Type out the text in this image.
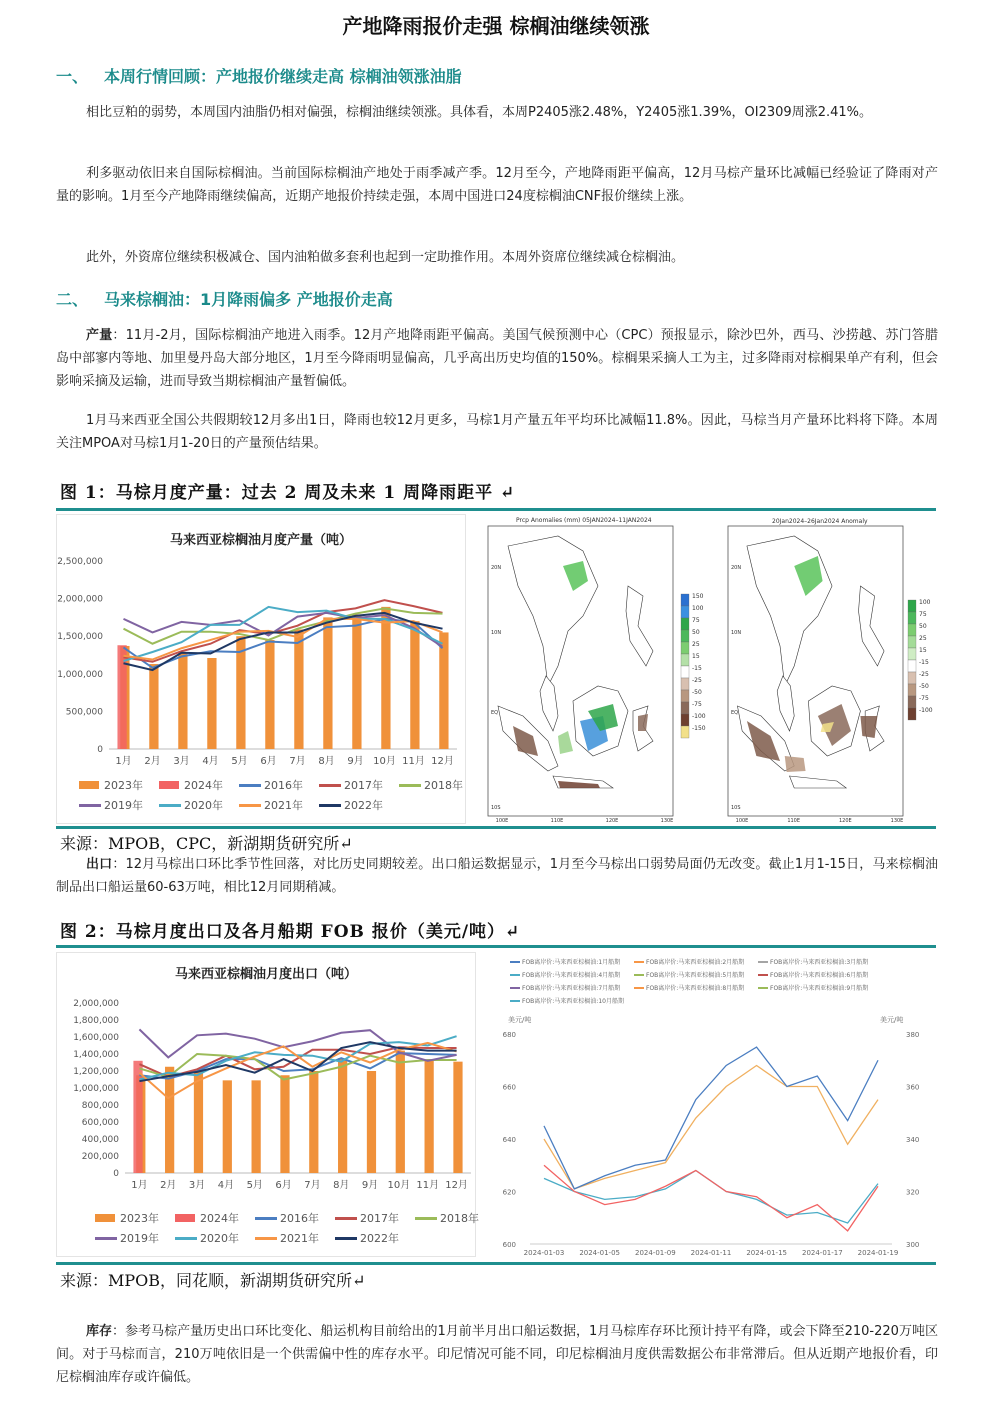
产地降雨报价走强 棕榈油继续领涨
一、 本周行情回顾：产地报价继续走高 棕榈油领涨油脂
相比豆粕的弱势，本周国内油脂仍相对偏强，棕榈油继续领涨。具体看，本周P2405涨2.48%，Y2405涨1.39%，OI2309周涨2.41%。
利多驱动依旧来自国际棕榈油。当前国际棕榈油产地处于雨季减产季。12月至今，产地降雨距平偏高，12月马棕产量环比减幅已经验证了降雨对产量的影响。1月至今产地降雨继续偏高，近期产地报价持续走强，本周中国进口24度棕榈油CNF报价继续上涨。
此外，外资席位继续积极减仓、国内油粕做多套利也起到一定助推作用。本周外资席位继续减仓棕榈油。
二、 马来棕榈油：1月降雨偏多 产地报价走高
产量：11月-2月，国际棕榈油产地进入雨季。12月产地降雨距平偏高。美国气候预测中心（CPC）预报显示，除沙巴外，西马、沙捞越、苏门答腊岛中部寥内等地、加里曼丹岛大部分地区，1月至今降雨明显偏高，几乎高出历史均值的150%。棕榈果采摘人工为主，过多降雨对棕榈果单产有利，但会影响采摘及运输，进而导致当期棕榈油产量暂偏低。
1月马来西亚全国公共假期较12月多出1日，降雨也较12月更多，马棕1月产量五年平均环比减幅11.8%。因此，马棕当月产量环比料将下降。本周关注MPOA对马棕1月1-20日的产量预估结果。
图 1：马棕月度产量：过去 2 周及未来 1 周降雨距平 ↵
马来西亚棕榈油月度产量（吨）
2,500,000
2,000,000
1,500,000
1,000,000
500,000
0
1月 2月 3月 4月 5月 6月 7月 8月 9月 10月 11月 12月
2023年	2024年	2016年	2017年	2018年
2019年	2020年	2021年	2022年
Prcp Anomalies (mm) 05JAN2024–11JAN2024
20N
10N
EQ
10S
100E	110E	120E	130E
150
100
75
50
25
15
-15
-25
-50
-75
-100
-150
20Jan2024–26Jan2024 Anomaly
20N
10N
EQ
10S
100E	110E	120E	130E
100
75
50
25
15
-15
-25
-50
-75
-100
来源：MPOB，CPC，新湖期货研究所↵
出口：12月马棕出口环比季节性回落，对比历史同期较差。出口船运数据显示，1月至今马棕出口弱势局面仍无改变。截止1月1-15日，马来棕榈油制品出口船运量60-63万吨，相比12月同期稍减。
图 2：马棕月度出口及各月船期 FOB 报价（美元/吨）↵
马来西亚棕榈油月度出口（吨）
2,000,000
1,800,000
1,600,000
1,400,000
1,200,000
1,000,000
800,000
600,000
400,000
200,000
0
1月 2月 3月 4月 5月 6月 7月 8月 9月 10月 11月 12月
2023年	2024年	2016年	2017年	2018年
2019年	2020年	2021年	2022年
FOB离岸价:马来西亚棕榈油:1月船期	FOB离岸价:马来西亚棕榈油:2月船期	FOB离岸价:马来西亚棕榈油:3月船期
FOB离岸价:马来西亚棕榈油:4月船期	FOB离岸价:马来西亚棕榈油:5月船期	FOB离岸价:马来西亚棕榈油:6月船期
FOB离岸价:马来西亚棕榈油:7月船期	FOB离岸价:马来西亚棕榈油:8月船期	FOB离岸价:马来西亚棕榈油:9月船期
FOB离岸价:马来西亚棕榈油:10月船期
美元/吨	美元/吨
680	380
660	360
640	340
620	320
600	300
2024-01-03 2024-01-05 2024-01-09 2024-01-11 2024-01-15 2024-01-17 2024-01-19
来源：MPOB，同花顺，新湖期货研究所↵
库存：参考马棕产量历史出口环比变化、船运机构目前给出的1月前半月出口船运数据，1月马棕库存环比预计持平有降，或会下降至210-220万吨区间。对于马棕而言，210万吨依旧是一个供需偏中性的库存水平。印尼情况可能不同，印尼棕榈油月度供需数据公布非常滞后。但从近期产地报价看，印尼棕榈油库存或许偏低。
